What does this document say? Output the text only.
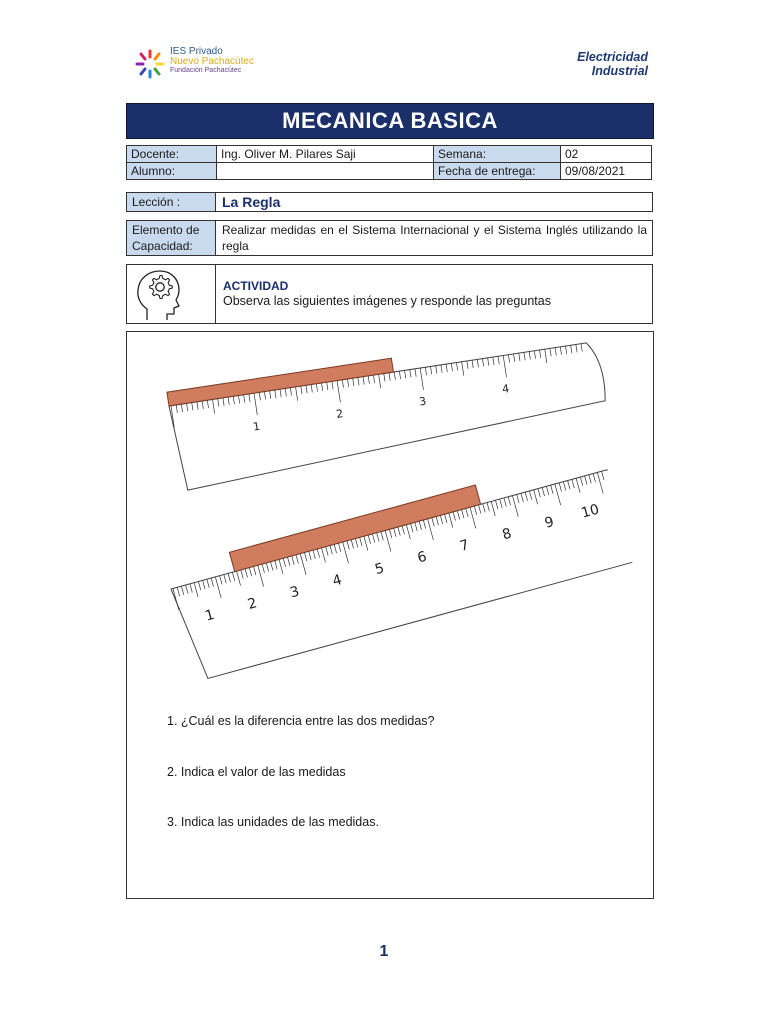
IES Privado
Nuevo Pachacútec
Fundación Pachacútec
Electricidad
Industrial
MECANICA BASICA
Docente:	Ing. Oliver M. Pilares Saji	Semana:	02
Alumno:		Fecha de entrega:	09/08/2021
Lección :	La Regla
Elemento de
Capacidad:
Realizar medidas en el Sistema Internacional y el Sistema Inglés utilizando la regla
ACTIVIDAD
Observa las siguientes imágenes y responde las preguntas
1
2
3
4
1
2
3
4
5
6
7
8
9
10
1. ¿Cuál es la diferencia entre las dos medidas?
2. Indica el valor de las medidas
3. Indica las unidades de las medidas.
1
